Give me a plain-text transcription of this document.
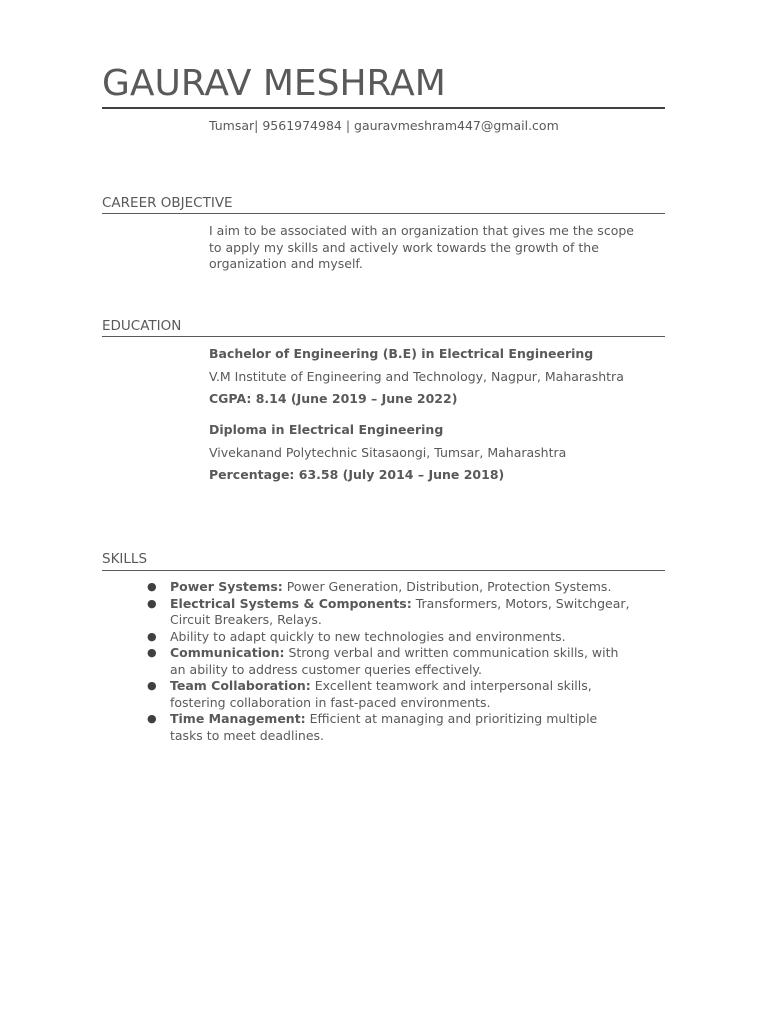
GAURAV MESHRAM
Tumsar| 9561974984 | gauravmeshram447@gmail.com
CAREER OBJECTIVE

I aim to be associated with an organization that gives me the scope to apply my skills and actively work towards the growth of the organization and myself.

EDUCATION

Bachelor of Engineering (B.E) in Electrical Engineering

V.M Institute of Engineering and Technology, Nagpur, Maharashtra

CGPA: 8.14 (June 2019 – June 2022)

Diploma in Electrical Engineering

Vivekanand Polytechnic Sitasaongi, Tumsar, Maharashtra

Percentage: 63.58 (July 2014 – June 2018)

SKILLS
● Power Systems: Power Generation, Distribution, Protection Systems.
● Electrical Systems & Components: Transformers, Motors, Switchgear, Circuit Breakers, Relays.
● Ability to adapt quickly to new technologies and environments.
● Communication: Strong verbal and written communication skills, with an ability to address customer queries effectively.
● Team Collaboration: Excellent teamwork and interpersonal skills, fostering collaboration in fast-paced environments.
● Time Management: Efficient at managing and prioritizing multiple tasks to meet deadlines.
